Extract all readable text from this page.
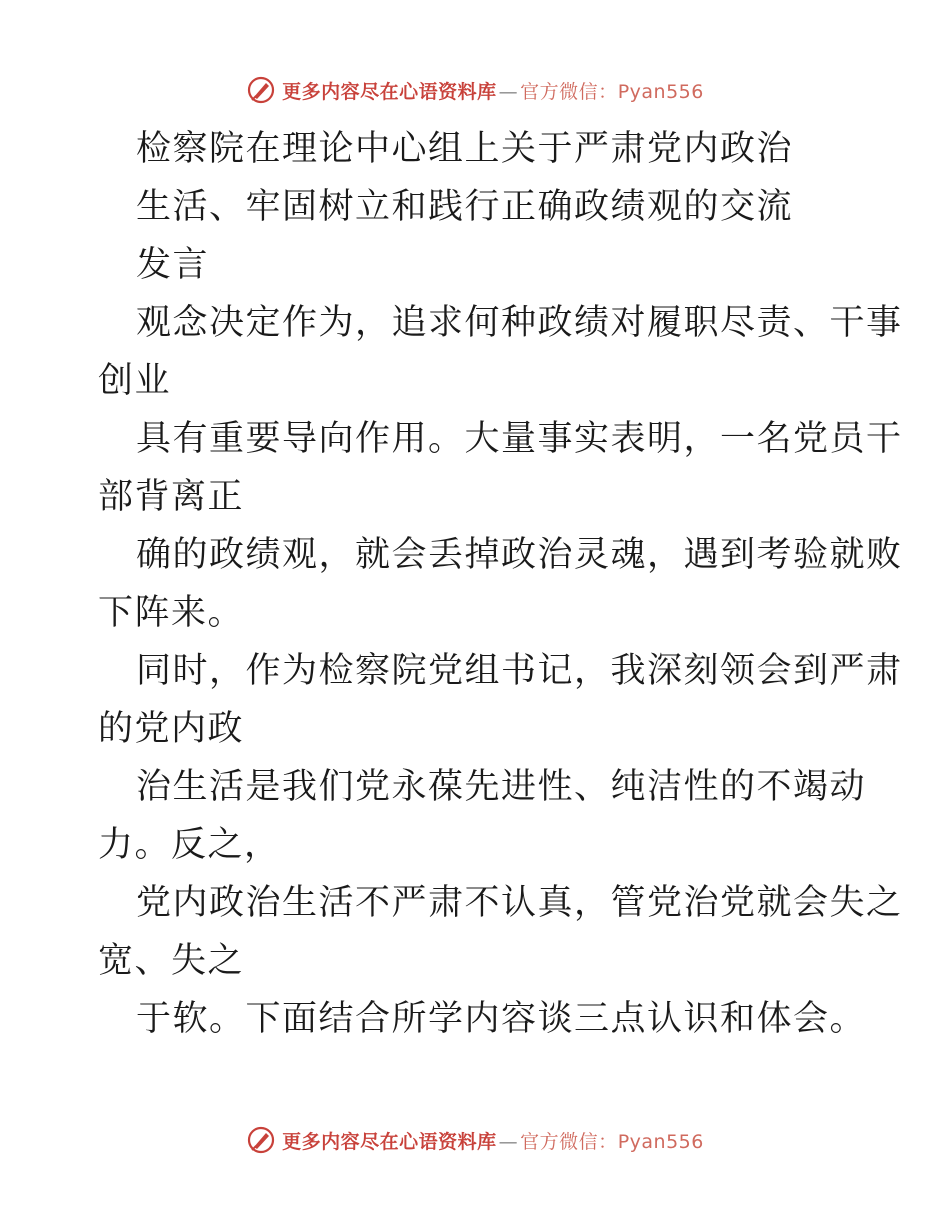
更多内容尽在心语资料库 — 官方微信：Pyan556
检察院在理论中心组上关于严肃党内政治
生活、牢固树立和践行正确政绩观的交流
发言
观念决定作为，追求何种政绩对履职尽责、干事
创业
具有重要导向作用。大量事实表明，一名党员干
部背离正
确的政绩观，就会丢掉政治灵魂，遇到考验就败
下阵来。
同时，作为检察院党组书记，我深刻领会到严肃
的党内政
治生活是我们党永葆先进性、纯洁性的不竭动
力。反之，
党内政治生活不严肃不认真，管党治党就会失之
宽、失之
于软。下面结合所学内容谈三点认识和体会。
更多内容尽在心语资料库 — 官方微信：Pyan556
